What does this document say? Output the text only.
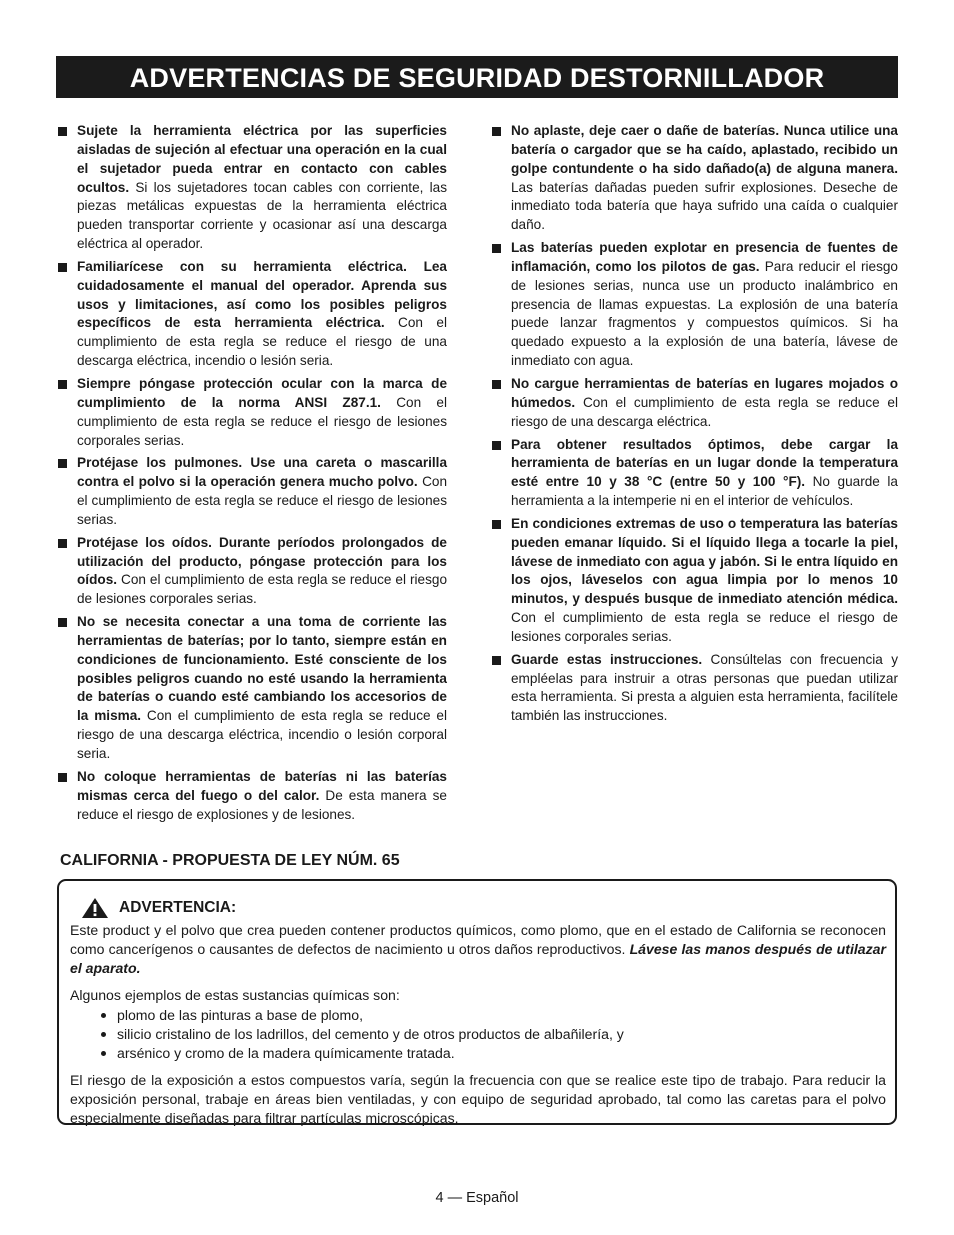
ADVERTENCIAS DE SEGURIDAD DESTORNILLADOR
Sujete la herramienta eléctrica por las superficies aisladas de sujeción al efectuar una operación en la cual el sujetador pueda entrar en contacto con cables ocultos. Si los sujetadores tocan cables con corriente, las piezas metálicas expuestas de la herramienta eléctrica pueden transportar corriente y ocasionar así una descarga eléctrica al operador.
Familiarícese con su herramienta eléctrica. Lea cuidadosamente el manual del operador. Aprenda sus usos y limitaciones, así como los posibles peligros específicos de esta herramienta eléctrica. Con el cumplimiento de esta regla se reduce el riesgo de una descarga eléctrica, incendio o lesión seria.
Siempre póngase protección ocular con la marca de cumplimiento de la norma ANSI Z87.1. Con el cumplimiento de esta regla se reduce el riesgo de lesiones corporales serias.
Protéjase los pulmones. Use una careta o mascarilla contra el polvo si la operación genera mucho polvo. Con el cumplimiento de esta regla se reduce el riesgo de lesiones serias.
Protéjase los oídos. Durante períodos prolongados de utilización del producto, póngase protección para los oídos. Con el cumplimiento de esta regla se reduce el riesgo de lesiones corporales serias.
No se necesita conectar a una toma de corriente las herramientas de baterías; por lo tanto, siempre están en condiciones de funcionamiento. Esté consciente de los posibles peligros cuando no esté usando la herramienta de baterías o cuando esté cambiando los accesorios de la misma. Con el cumplimiento de esta regla se reduce el riesgo de una descarga eléctrica, incendio o lesión corporal seria.
No coloque herramientas de baterías ni las baterías mismas cerca del fuego o del calor. De esta manera se reduce el riesgo de explosiones y de lesiones.
No aplaste, deje caer o dañe de baterías. Nunca utilice una batería o cargador que se ha caído, aplastado, recibido un golpe contundente o ha sido dañado(a) de alguna manera. Las baterías dañadas pueden sufrir explosiones. Deseche de inmediato toda batería que haya sufrido una caída o cualquier daño.
Las baterías pueden explotar en presencia de fuentes de inflamación, como los pilotos de gas. Para reducir el riesgo de lesiones serias, nunca use un producto inalámbrico en presencia de llamas expuestas. La explosión de una batería puede lanzar fragmentos y compuestos químicos. Si ha quedado expuesto a la explosión de una batería, lávese de inmediato con agua.
No cargue herramientas de baterías en lugares mojados o húmedos. Con el cumplimiento de esta regla se reduce el riesgo de una descarga eléctrica.
Para obtener resultados óptimos, debe cargar la herramienta de baterías en un lugar donde la temperatura esté entre 10 y 38 °C (entre 50 y 100 °F). No guarde la herramienta a la intemperie ni en el interior de vehículos.
En condiciones extremas de uso o temperatura las baterías pueden emanar líquido. Si el líquido llega a tocarle la piel, lávese de inmediato con agua y jabón. Si le entra líquido en los ojos, láveselos con agua limpia por lo menos 10 minutos, y después busque de inmediato atención médica. Con el cumplimiento de esta regla se reduce el riesgo de lesiones corporales serias.
Guarde estas instrucciones. Consúltelas con frecuencia y empléelas para instruir a otras personas que puedan utilizar esta herramienta. Si presta a alguien esta herramienta, facilítele también las instrucciones.
CALIFORNIA - PROPUESTA DE LEY NÚM. 65
ADVERTENCIA:

Este product y el polvo que crea pueden contener productos químicos, como plomo, que en el estado de California se reconocen como cancerígenos o causantes de defectos de nacimiento u otros daños reproductivos. Lávese las manos después de utilazar el aparato.

Algunos ejemplos de estas sustancias químicas son:

plomo de las pinturas a base de plomo,
silicio cristalino de los ladrillos, del cemento y de otros productos de albañilería, y
arsénico y cromo de la madera químicamente tratada.

El riesgo de la exposición a estos compuestos varía, según la frecuencia con que se realice este tipo de trabajo. Para reducir la exposición personal, trabaje en áreas bien ventiladas, y con equipo de seguridad aprobado, tal como las caretas para el polvo especialmente diseñadas para filtrar partículas microscópicas.

4 — Español
